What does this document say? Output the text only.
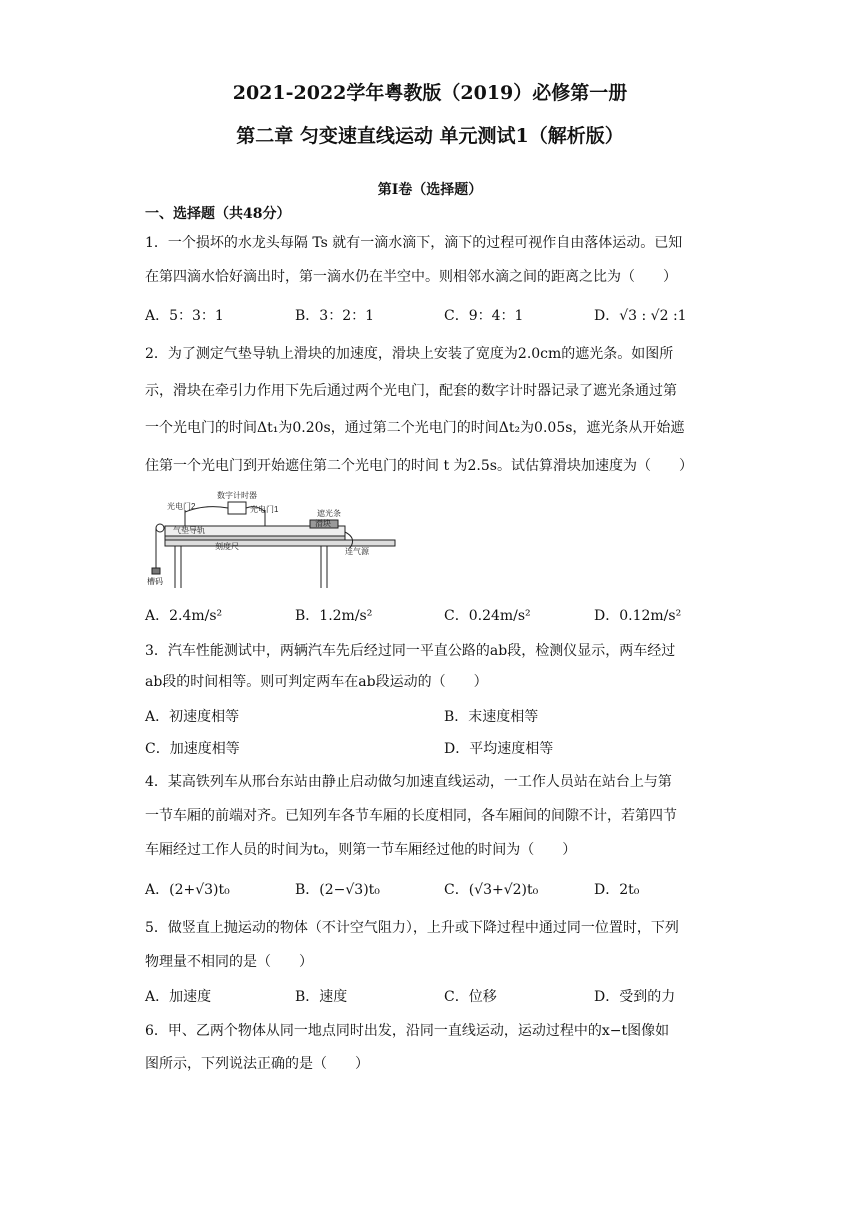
2021-2022学年粤教版（2019）必修第一册
第二章 匀变速直线运动 单元测试1（解析版）
第Ⅰ卷（选择题）
一、选择题（共48分）
1．一个损坏的水龙头每隔 Ts 就有一滴水滴下，滴下的过程可视作自由落体运动。已知
在第四滴水恰好滴出时，第一滴水仍在半空中。则相邻水滴之间的距离之比为（　　）
A．5：3：1	B．3：2：1	C．9：4：1	D．√3 : √2 :1
2．为了测定气垫导轨上滑块的加速度，滑块上安装了宽度为2.0cm的遮光条。如图所
示，滑块在牵引力作用下先后通过两个光电门，配套的数字计时器记录了遮光条通过第
一个光电门的时间Δt₁为0.20s，通过第二个光电门的时间Δt₂为0.05s，遮光条从开始遮
住第一个光电门到开始遮住第二个光电门的时间 t 为2.5s。试估算滑块加速度为（　　）
数字计时器
光电门2	光电门1	遮光条
滑块
气垫导轨
刻度尺
连气源
槽码
A．2.4m/s²	B．1.2m/s²	C．0.24m/s²	D．0.12m/s²
3．汽车性能测试中，两辆汽车先后经过同一平直公路的ab段，检测仪显示，两车经过
ab段的时间相等。则可判定两车在ab段运动的（　　）
A．初速度相等	B．末速度相等
C．加速度相等	D．平均速度相等
4．某高铁列车从邢台东站由静止启动做匀加速直线运动，一工作人员站在站台上与第
一节车厢的前端对齐。已知列车各节车厢的长度相同，各车厢间的间隙不计，若第四节
车厢经过工作人员的时间为t₀，则第一节车厢经过他的时间为（　　）
A．(2+√3)t₀	B．(2−√3)t₀	C．(√3+√2)t₀	D．2t₀
5．做竖直上抛运动的物体（不计空气阻力），上升或下降过程中通过同一位置时，下列
物理量不相同的是（　　）
A．加速度	B．速度	C．位移	D．受到的力
6．甲、乙两个物体从同一地点同时出发，沿同一直线运动，运动过程中的x−t图像如
图所示，下列说法正确的是（　　）
